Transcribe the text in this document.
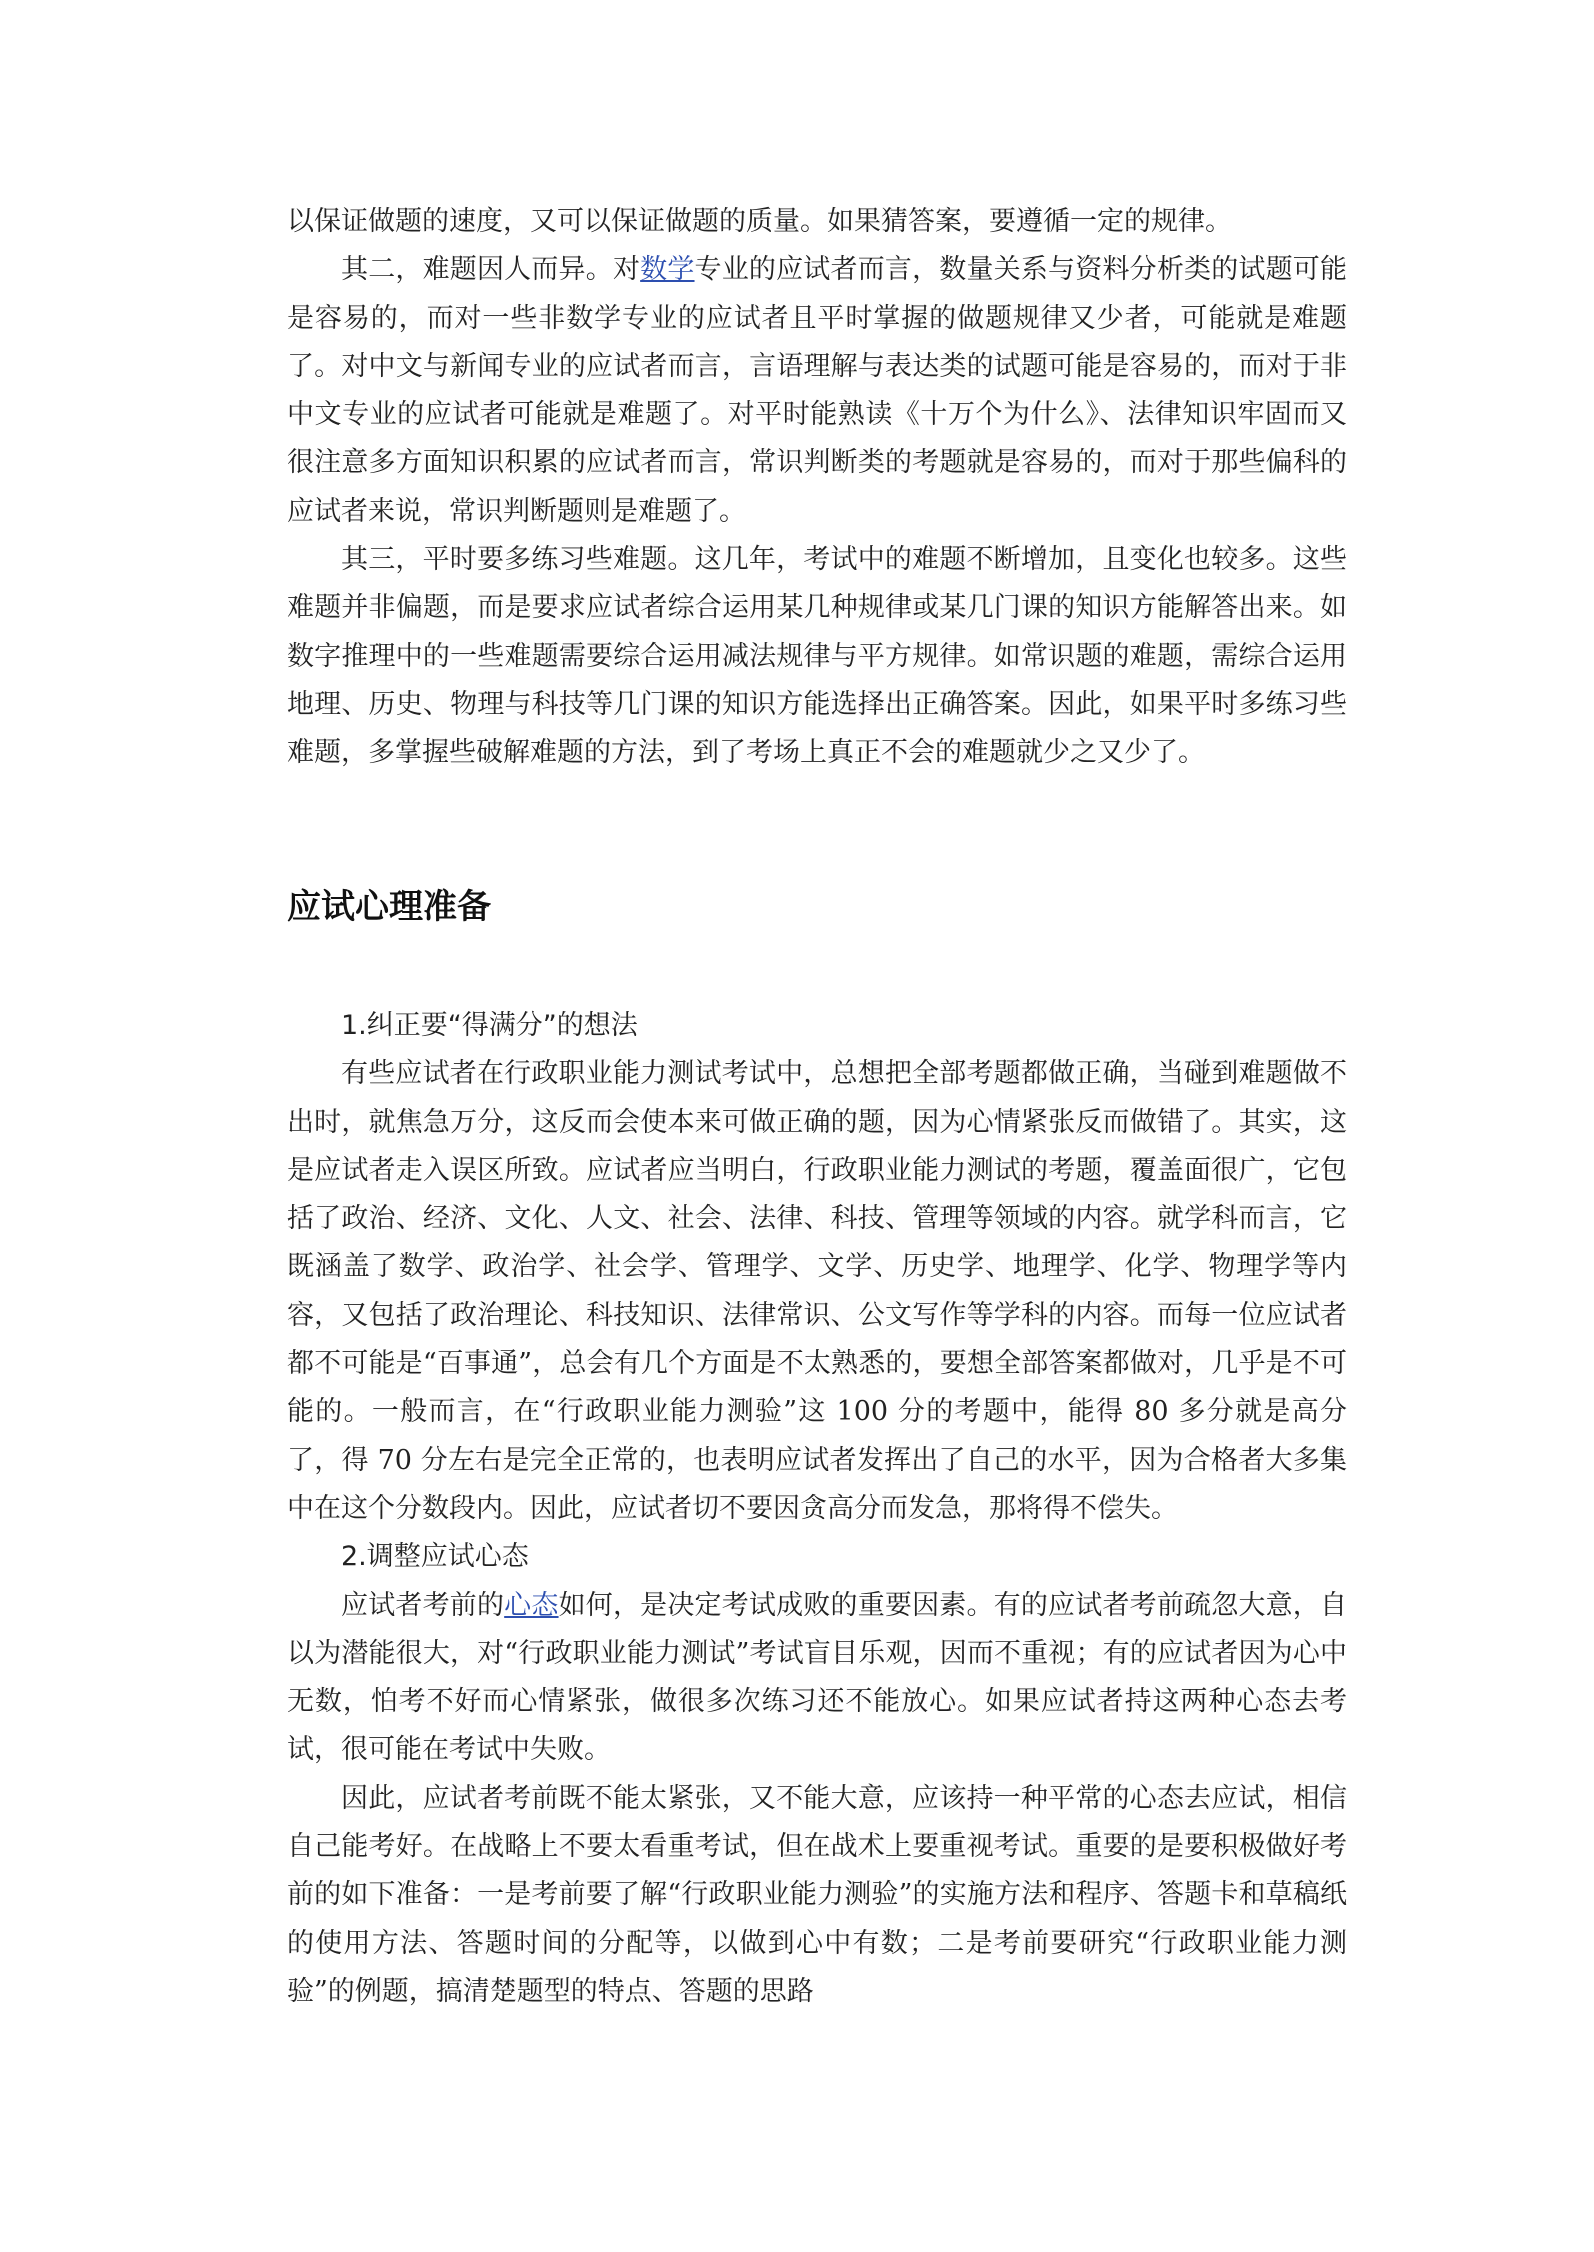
以保证做题的速度，又可以保证做题的质量。如果猜答案，要遵循一定的规律。

其二，难题因人而异。对数学专业的应试者而言，数量关系与资料分析类的试题可能是容易的，而对一些非数学专业的应试者且平时掌握的做题规律又少者，可能就是难题了。对中文与新闻专业的应试者而言，言语理解与表达类的试题可能是容易的，而对于非中文专业的应试者可能就是难题了。对平时能熟读《十万个为什么》、法律知识牢固而又很注意多方面知识积累的应试者而言，常识判断类的考题就是容易的，而对于那些偏科的应试者来说，常识判断题则是难题了。

其三，平时要多练习些难题。这几年，考试中的难题不断增加，且变化也较多。这些难题并非偏题，而是要求应试者综合运用某几种规律或某几门课的知识方能解答出来。如数字推理中的一些难题需要综合运用减法规律与平方规律。如常识题的难题，需综合运用地理、历史、物理与科技等几门课的知识方能选择出正确答案。因此，如果平时多练习些难题，多掌握些破解难题的方法，到了考场上真正不会的难题就少之又少了。

应试心理准备

1.纠正要“得满分”的想法

有些应试者在行政职业能力测试考试中，总想把全部考题都做正确，当碰到难题做不出时，就焦急万分，这反而会使本来可做正确的题，因为心情紧张反而做错了。其实，这是应试者走入误区所致。应试者应当明白，行政职业能力测试的考题，覆盖面很广，它包括了政治、经济、文化、人文、社会、法律、科技、管理等领域的内容。就学科而言，它既涵盖了数学、政治学、社会学、管理学、文学、历史学、地理学、化学、物理学等内容，又包括了政治理论、科技知识、法律常识、公文写作等学科的内容。而每一位应试者都不可能是“百事通”，总会有几个方面是不太熟悉的，要想全部答案都做对，几乎是不可能的。一般而言，在“行政职业能力测验”这 100 分的考题中，能得 80 多分就是高分了，得 70 分左右是完全正常的，也表明应试者发挥出了自己的水平，因为合格者大多集中在这个分数段内。因此，应试者切不要因贪高分而发急，那将得不偿失。

2.调整应试心态

应试者考前的心态如何，是决定考试成败的重要因素。有的应试者考前疏忽大意，自以为潜能很大，对“行政职业能力测试”考试盲目乐观，因而不重视；有的应试者因为心中无数，怕考不好而心情紧张，做很多次练习还不能放心。如果应试者持这两种心态去考试，很可能在考试中失败。

因此，应试者考前既不能太紧张，又不能大意，应该持一种平常的心态去应试，相信自己能考好。在战略上不要太看重考试，但在战术上要重视考试。重要的是要积极做好考前的如下准备：一是考前要了解“行政职业能力测验”的实施方法和程序、答题卡和草稿纸的使用方法、答题时间的分配等，以做到心中有数；二是考前要研究“行政职业能力测验”的例题，搞清楚题型的特点、答题的思路
